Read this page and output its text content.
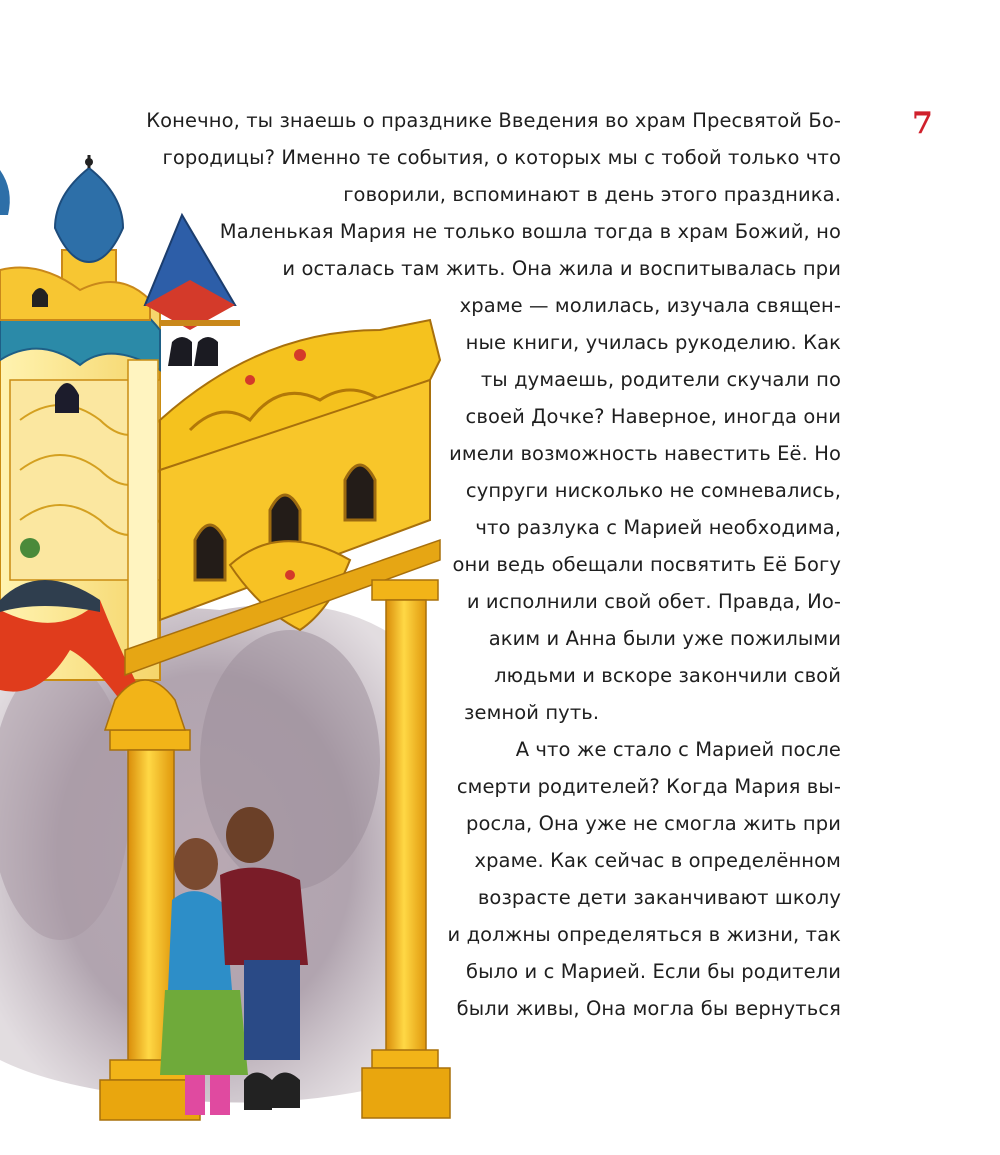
7
Конечно, ты знаешь о празднике Введения во храм Пресвятой Бо-
городицы? Именно те события, о которых мы с тобой только что
говорили, вспоминают в день этого праздника.
Маленькая Мария не только вошла тогда в храм Божий, но
и осталась там жить. Она жила и воспитывалась при
храме — молилась, изучала священ-
ные книги, училась рукоделию. Как
ты думаешь, родители скучали по
своей Дочке? Наверное, иногда они
имели возможность навестить Её. Но
супруги нисколько не сомневались,
что разлука с Марией необходима,
они ведь обещали посвятить Её Богу
и исполнили свой обет. Правда, Ио-
аким и Анна были уже пожилыми
людьми и вскоре закончили свой
земной путь.
А что же стало с Марией после
смерти родителей? Когда Мария вы-
росла, Она уже не смогла жить при
храме. Как сейчас в определённом
возрасте дети заканчивают школу
и должны определяться в жизни, так
было и с Марией. Если бы родители
были живы, Она могла бы вернуться
